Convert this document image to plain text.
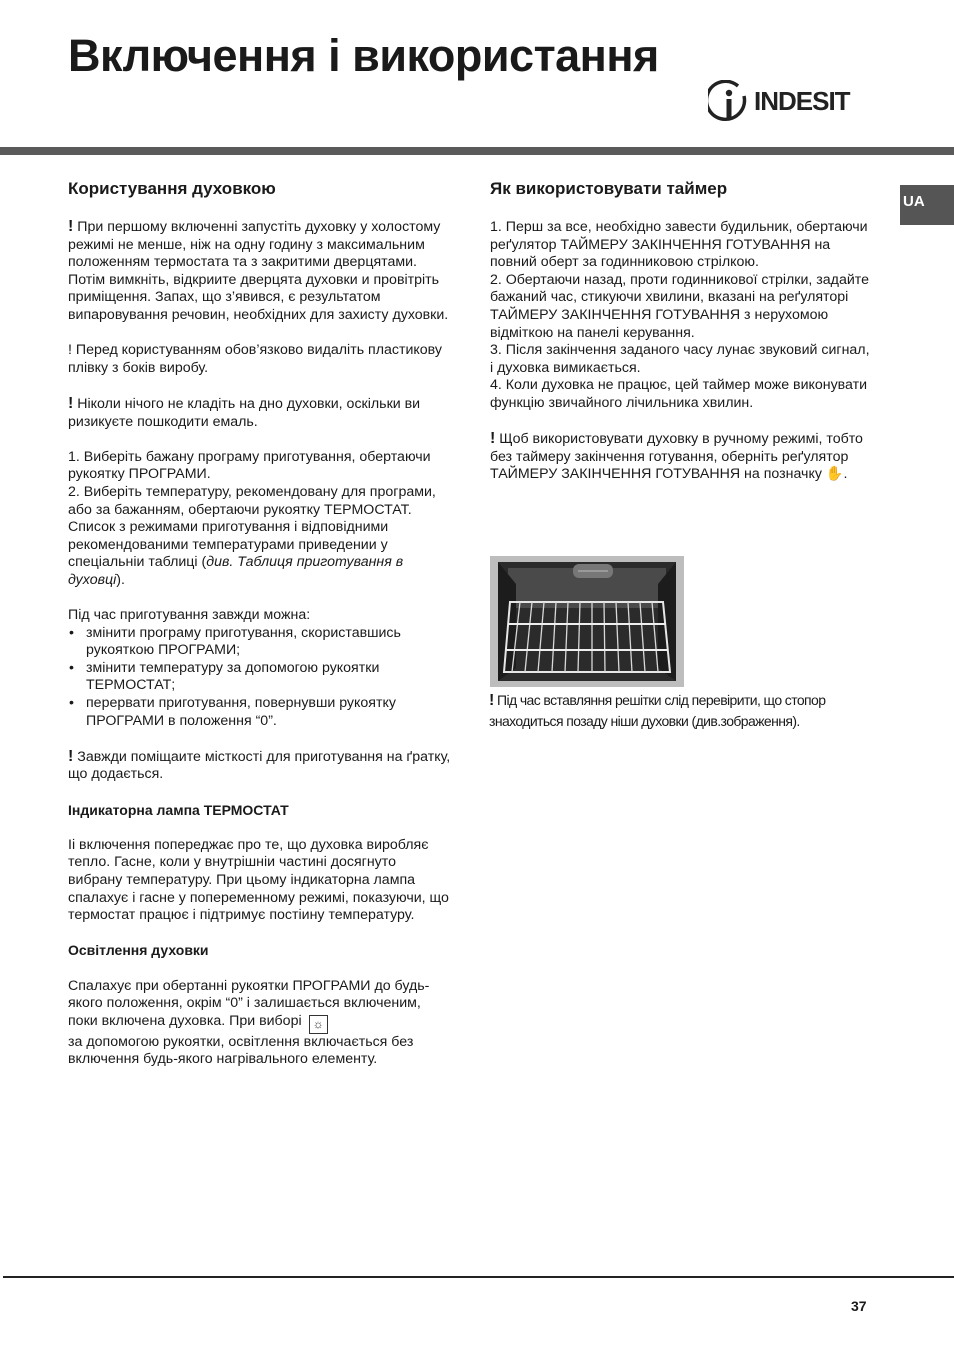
Включення і використання
INDESIT
UA
Користування духовкою

! При першому включенні запустіть духовку у холостому режимі не менше, ніж на одну годину з максимальним положенням термостата та з закритими дверцятами. Потім вимкніть, відкриите дверцята духовки и провітріть приміщення. Запах, що з’явився, є результатом випаровування речовин, необхідних для захисту духовки.

! Перед користуванням обов’язково видаліть пластикову плівку з боків виробу.

! Ніколи нічого не кладіть на дно духовки, оскільки ви ризикуєте пошкодити емаль.

1. Виберіть бажану програму приготування, обертаючи рукоятку ПРОГРАМИ.
2. Виберіть температуру, рекомендовану для програми, або за бажанням, обертаючи рукоятку ТЕРМОСТАТ.
Список з режимами приготування і відповідними рекомендованими температурами приведении у спеціальнiи таблиці (див. Таблиця приготування в духовці).

Під час приготування завжди можна:
• змінити програму приготування, скориставшись рукояткою ПРОГРАМИ;
• змінити температуру за допомогою рукоятки ТЕРМОСТАТ;
• перервати приготування, повернувши рукоятку ПРОГРАМИ в положення “0”.

! Завжди поміщаите місткості для приготування на ґратку, що додається.

Індикаторна лампа ТЕРМОСТАТ

Іі включення попереджає про те, що духовка виробляє тепло. Гасне, коли у внутрішніи частині досягнуто вибрану температуру. При цьому індикаторна лампа спалахує і гасне у попеременному режимі, показуючи, що термостат працює і підтримує постіину температуру.

Освітлення духовки

Спалахує при обертанні рукоятки ПРОГРАМИ до будь-якого положення, окрім “0” і залишається включеним, поки включена духовка. При виборі ☼
за допомогою рукоятки, освітлення включається без включення будь-якого нагрівального елементу.

Як використовувати таймер

1. Перш за все, необхідно завести будильник, обертаючи реґулятор ТАЙМЕРУ ЗАКІНЧЕННЯ ГОТУВАННЯ на повний оберт за годинниковою стрілкою.
2. Обертаючи назад, проти годинникової стрілки, задайте бажаний час, стикуючи хвилини, вказані на реґуляторі ТАЙМЕРУ ЗАКІНЧЕННЯ ГОТУВАННЯ з нерухомою відміткою на панелі керування.
3. Після закінчення заданого часу лунає звуковий сигнал, і духовка вимикається.
4. Коли духовка не працює, цей таймер може виконувати функцію звичайного лічильника хвилин.

! Щоб використовувати духовку в ручному режимі, тобто без таймеру закінчення готування, оберніть реґулятор ТАЙМЕРУ ЗАКІНЧЕННЯ ГОТУВАННЯ на позначку ✋.

! Під час вставляння решітки слід перевірити, що стопор знаходиться позаду ніши духовки (див.зображення).
37
